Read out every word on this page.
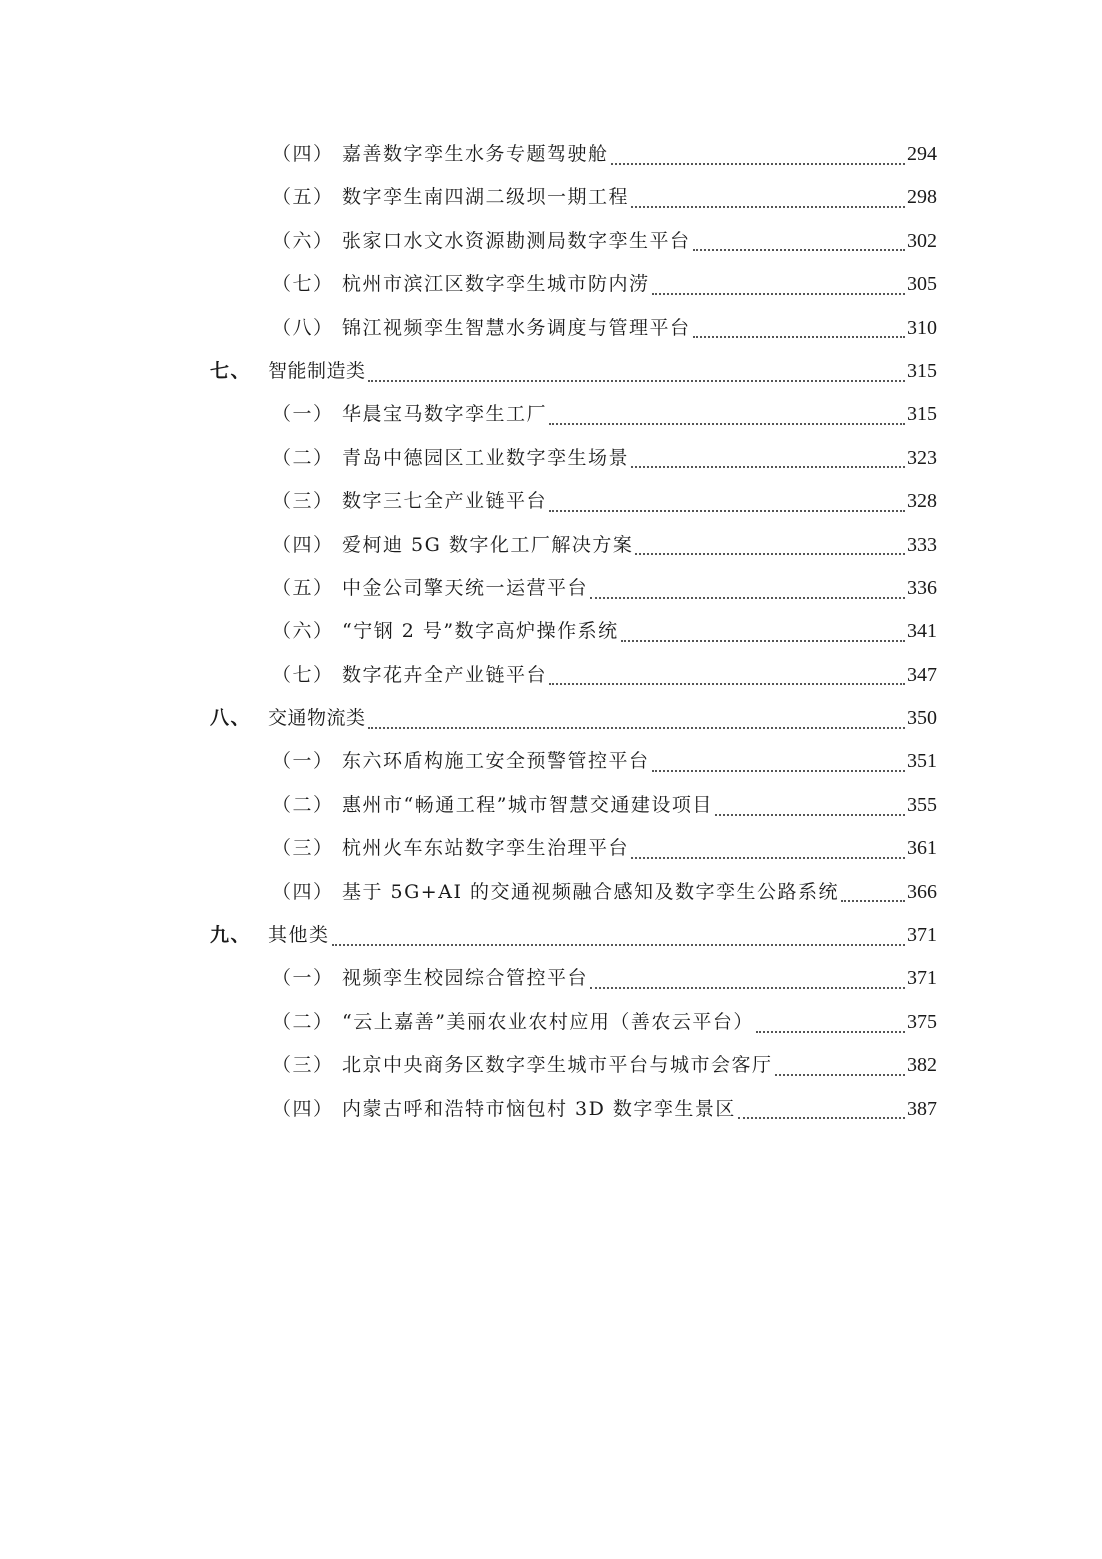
（四） 嘉善数字孪生水务专题驾驶舱	294
（五） 数字孪生南四湖二级坝一期工程	298
（六） 张家口水文水资源勘测局数字孪生平台	302
（七） 杭州市滨江区数字孪生城市防内涝	305
（八） 锦江视频孪生智慧水务调度与管理平台	310
七、 智能制造类	315
（一） 华晨宝马数字孪生工厂	315
（二） 青岛中德园区工业数字孪生场景	323
（三） 数字三七全产业链平台	328
（四） 爱柯迪 5G 数字化工厂解决方案	333
（五） 中金公司擎天统一运营平台	336
（六） “宁钢 2 号”数字高炉操作系统	341
（七） 数字花卉全产业链平台	347
八、 交通物流类	350
（一） 东六环盾构施工安全预警管控平台	351
（二） 惠州市“畅通工程”城市智慧交通建设项目	355
（三） 杭州火车东站数字孪生治理平台	361
（四） 基于 5G+AI 的交通视频融合感知及数字孪生公路系统	366
九、 其他类	371
（一） 视频孪生校园综合管控平台	371
（二） “云上嘉善”美丽农业农村应用（善农云平台）	375
（三） 北京中央商务区数字孪生城市平台与城市会客厅	382
（四） 内蒙古呼和浩特市恼包村 3D 数字孪生景区	387
